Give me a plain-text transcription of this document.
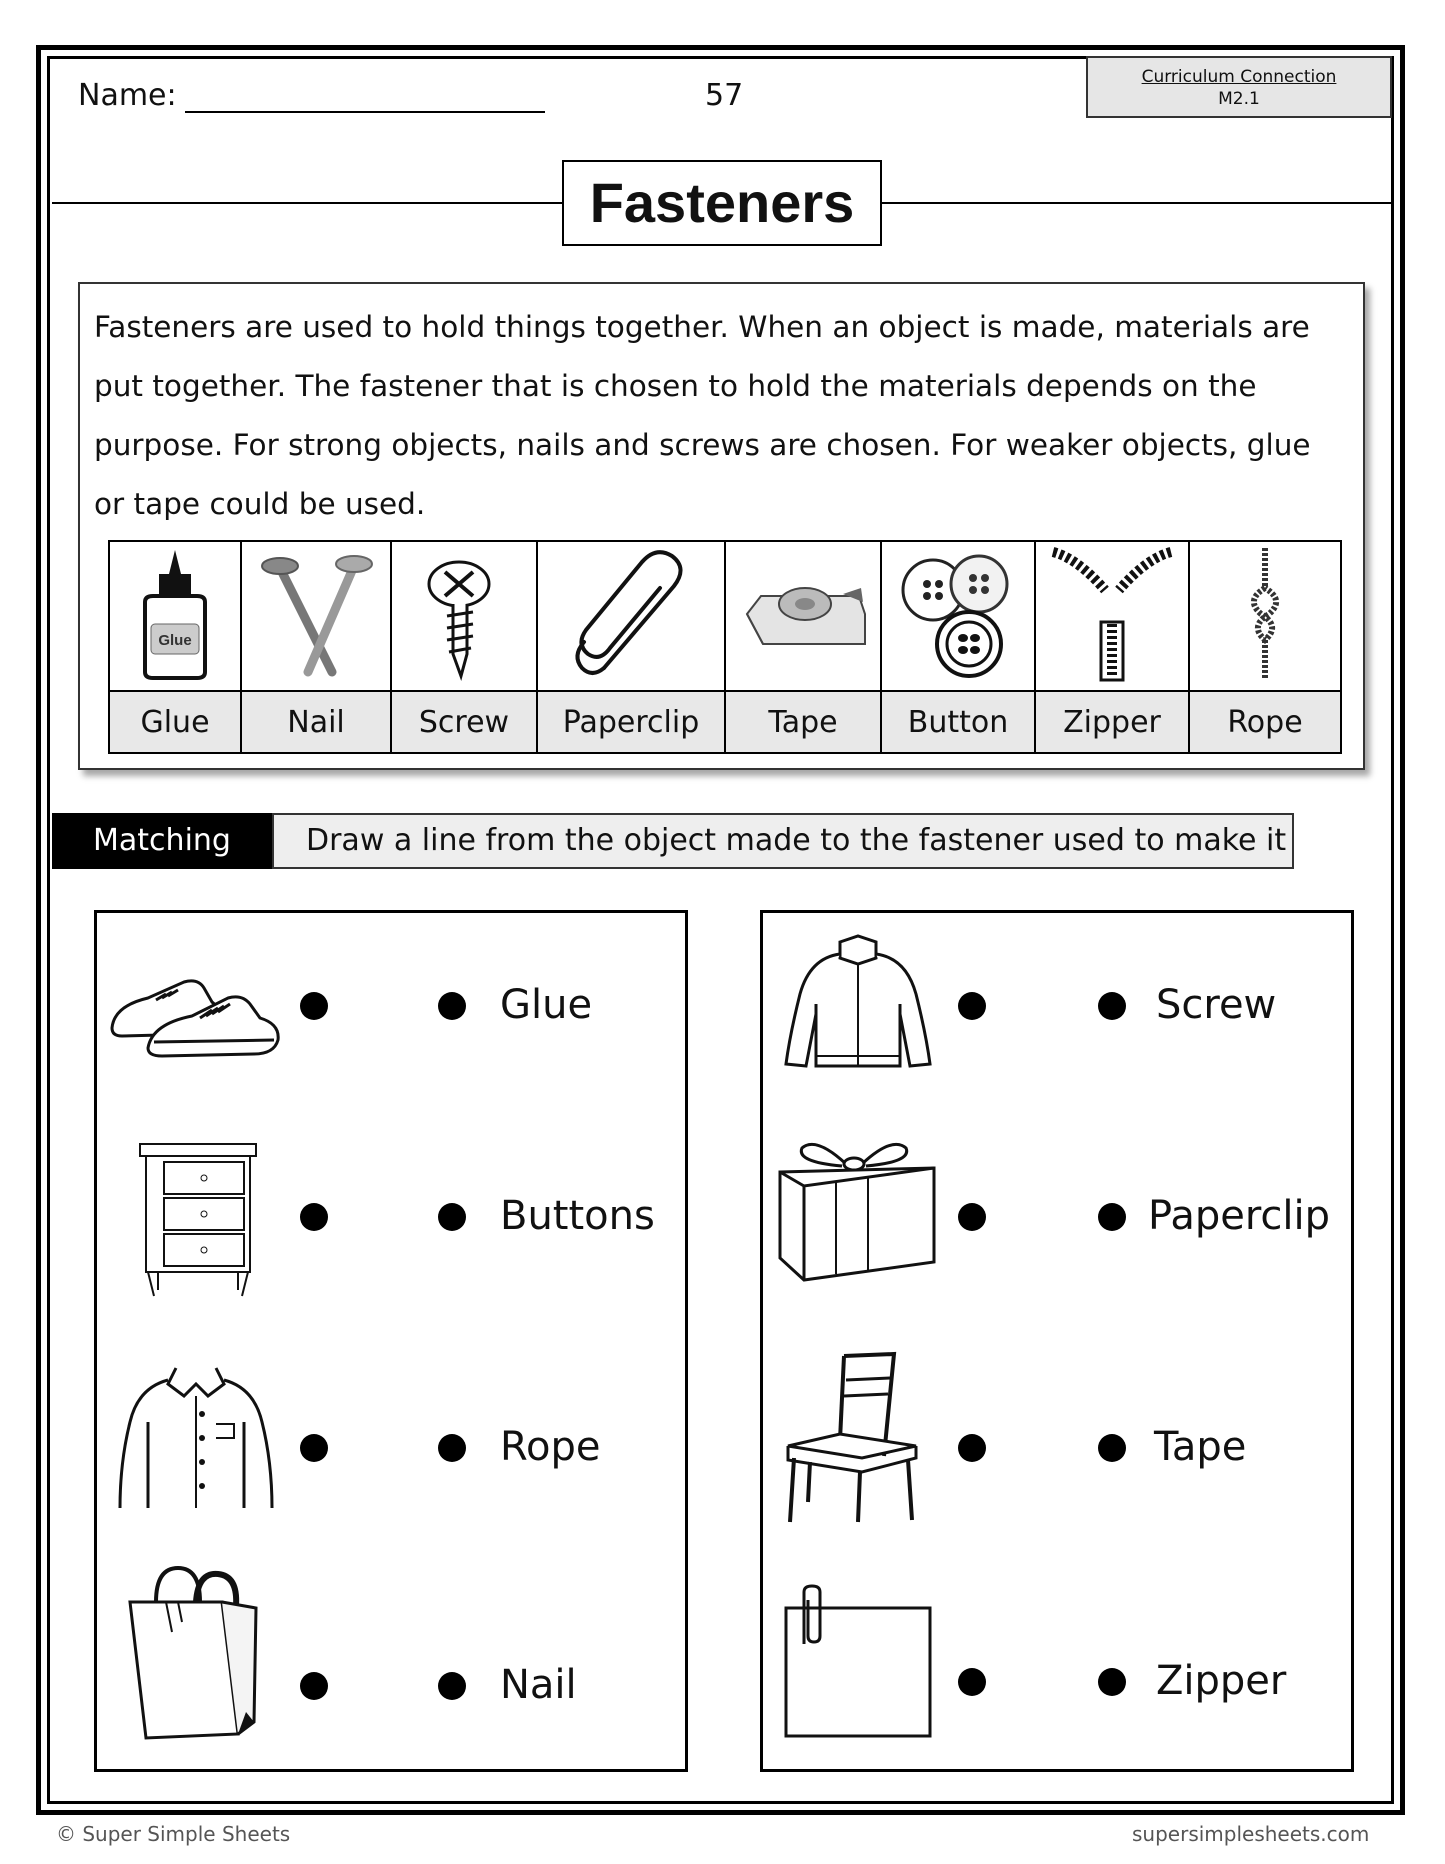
Name:	57
Curriculum Connection
M2.1
Fasteners
Fasteners are used to hold things together. When an object is made, materials are
put together. The fastener that is chosen to hold the materials depends on the
purpose. For strong objects, nails and screws are chosen. For weaker objects, glue
or tape could be used.
Glue

Glue	Nail	Screw	Paperclip	Tape	Button	Zipper	Rope
Matching	Draw a line from the object made to the fastener used to make it
Glue
Buttons
Rope
Nail
Screw
Paperclip
Tape
Zipper
© Super Simple Sheets	supersimplesheets.com
